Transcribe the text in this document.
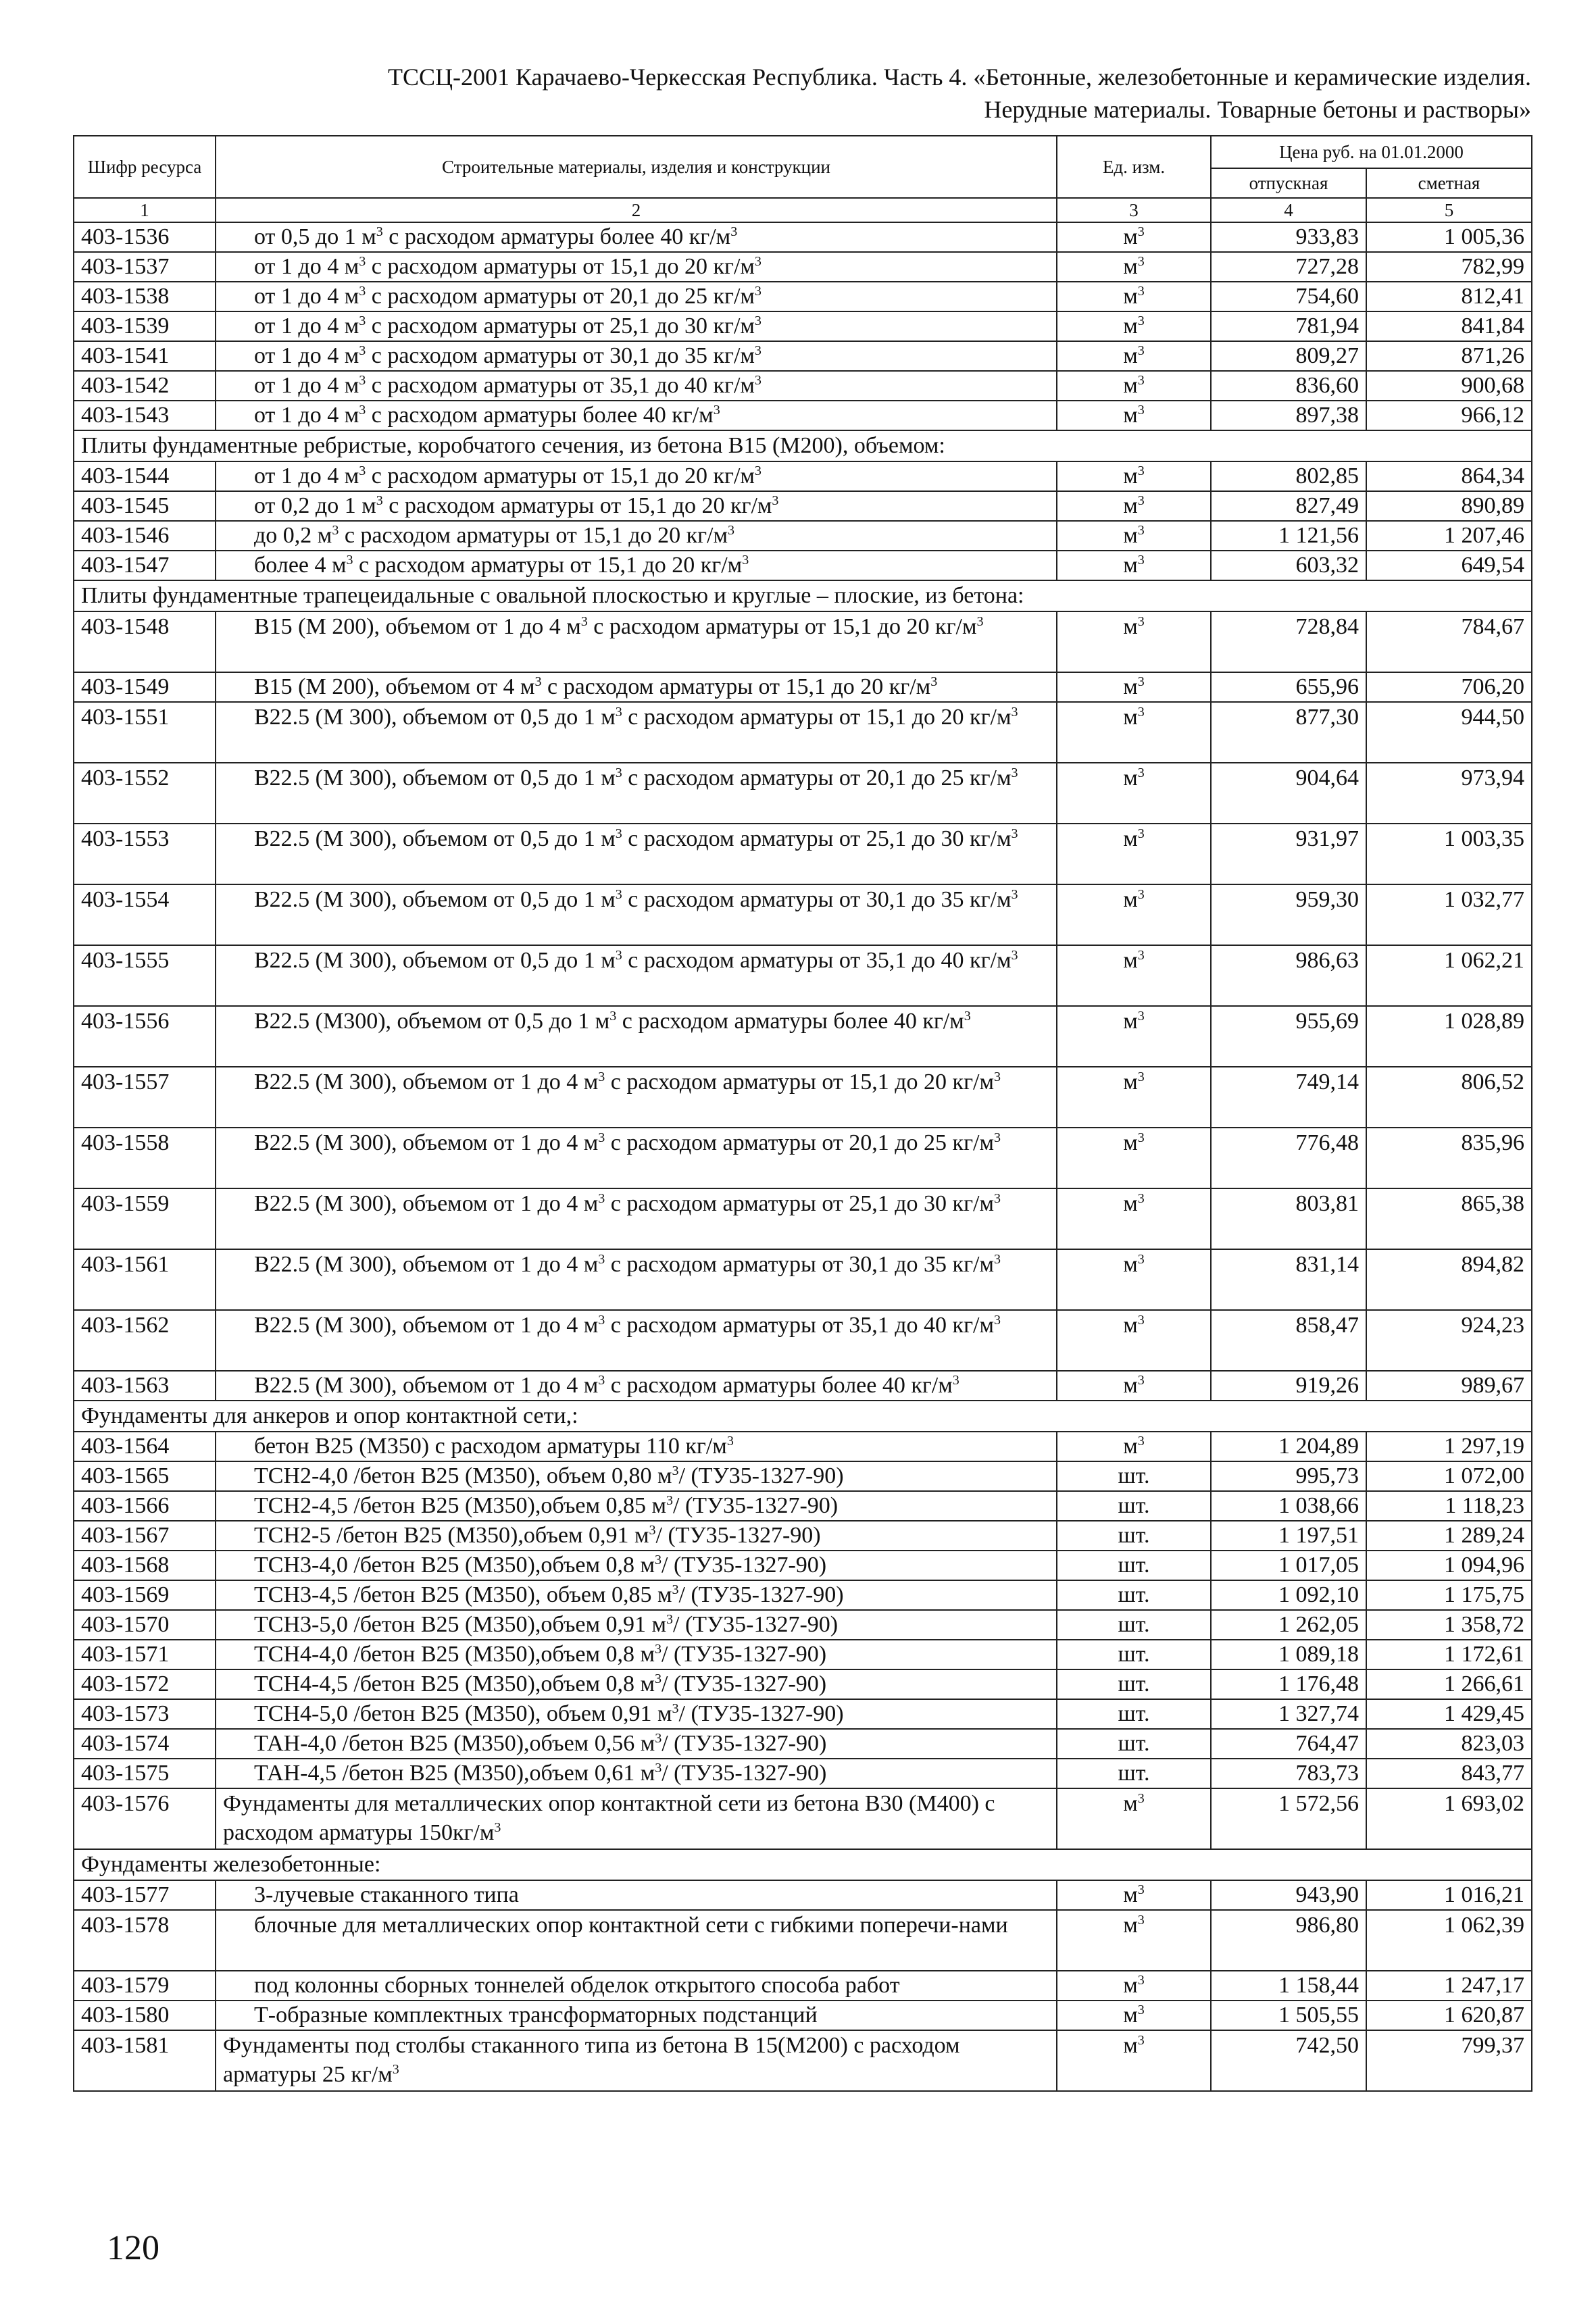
ТССЦ-2001 Карачаево-Черкесская Республика. Часть 4. «Бетонные, железобетонные и керамические изделия.
Нерудные материалы. Товарные бетоны и растворы»
Шифр ресурса	Строительные материалы, изделия и конструкции	Ед. изм.	Цена руб. на 01.01.2000	
			отпускная	сметная
1	2	3	4	5
403-1536	от 0,5 до 1 $м^3$ с расходом арматуры более 40 $кг/м^3$	$м^3$	933,83	1 005,36
403-1537	от 1 до 4 $м^3$ с расходом арматуры от 15,1 до 20 $кг/м^3$	$м^3$	727,28	782,99
403-1538	от 1 до 4 $м^3$ с расходом арматуры от 20,1 до 25 $кг/м^3$	$м^3$	754,60	812,41
403-1539	от 1 до 4 $м^3$ с расходом арматуры от 25,1 до 30 $кг/м^3$	$м^3$	781,94	841,84
403-1541	от 1 до 4 $м^3$ с расходом арматуры от 30,1 до 35 $кг/м^3$	$м^3$	809,27	871,26
403-1542	от 1 до 4 $м^3$ с расходом арматуры от 35,1 до 40 $кг/м^3$	$м^3$	836,60	900,68
403-1543	от 1 до 4 $м^3$ с расходом арматуры более 40 $кг/м^3$	$м^3$	897,38	966,12
Плиты фундаментные ребристые, коробчатого сечения, из бетона B15 (М200), объемом:				
403-1544	от 1 до 4 $м^3$ с расходом арматуры от 15,1 до 20 $кг/м^3$	$м^3$	802,85	864,34
403-1545	от 0,2 до 1 $м^3$ с расходом арматуры от 15,1 до 20 $кг/м^3$	$м^3$	827,49	890,89
403-1546	до 0,2 $м^3$ с расходом арматуры от 15,1 до 20 $кг/м^3$	$м^3$	1 121,56	1 207,46
403-1547	более 4 $м^3$ с расходом арматуры от 15,1 до 20 $кг/м^3$	$м^3$	603,32	649,54
Плиты фундаментные трапецеидальные с овальной плоскостью и круглые – плоские, из бетона:				
403-1548	B15 (М 200), объемом от 1 до 4 $м^3$ с расходом арматуры от 15,1 до 20 $кг/м^3$	$м^3$	728,84	784,67
403-1549	B15 (М 200), объемом от 4 $м^3$ с расходом арматуры от 15,1 до 20 $кг/м^3$	$м^3$	655,96	706,20
403-1551	B22.5 (М 300), объемом от 0,5 до 1 $м^3$ с расходом арматуры от 15,1 до 20 $кг/м^3$	$м^3$	877,30	944,50
403-1552	B22.5 (М 300), объемом от 0,5 до 1 $м^3$ с расходом арматуры от 20,1 до 25 $кг/м^3$	$м^3$	904,64	973,94
403-1553	B22.5 (М 300), объемом от 0,5 до 1 $м^3$ с расходом арматуры от 25,1 до 30 $кг/м^3$	$м^3$	931,97	1 003,35
403-1554	B22.5 (М 300), объемом от 0,5 до 1 $м^3$ с расходом арматуры от 30,1 до 35 $кг/м^3$	$м^3$	959,30	1 032,77
403-1555	B22.5 (М 300), объемом от 0,5 до 1 $м^3$ с расходом арматуры от 35,1 до 40 $кг/м^3$	$м^3$	986,63	1 062,21
403-1556	B22.5 (М300), объемом от 0,5 до 1 $м^3$ с расходом арматуры более 40 $кг/м^3$	$м^3$	955,69	1 028,89
403-1557	B22.5 (М 300), объемом от 1 до 4 $м^3$ с расходом арматуры от 15,1 до 20 $кг/м^3$	$м^3$	749,14	806,52
403-1558	B22.5 (М 300), объемом от 1 до 4 $м^3$ с расходом арматуры от 20,1 до 25 $кг/м^3$	$м^3$	776,48	835,96
403-1559	B22.5 (М 300), объемом от 1 до 4 $м^3$ с расходом арматуры от 25,1 до 30 $кг/м^3$	$м^3$	803,81	865,38
403-1561	B22.5 (М 300), объемом от 1 до 4 $м^3$ с расходом арматуры от 30,1 до 35 $кг/м^3$	$м^3$	831,14	894,82
403-1562	B22.5 (М 300), объемом от 1 до 4 $м^3$ с расходом арматуры от 35,1 до 40 $кг/м^3$	$м^3$	858,47	924,23
403-1563	B22.5 (М 300), объемом от 1 до 4 $м^3$ с расходом арматуры более 40 $кг/м^3$	$м^3$	919,26	989,67
Фундаменты для анкеров и опор контактной сети,:				
403-1564	бетон B25 (М350) с расходом арматуры 110 $кг/м^3$	$м^3$	1 204,89	1 297,19
403-1565	ТСН2-4,0 /бетон B25 (М350), объем 0,80 $м^3/$ (ТУ35-1327-90)	шт.	995,73	1 072,00
403-1566	ТСН2-4,5 /бетон B25 (М350),объем 0,85 $м^3/$ (ТУ35-1327-90)	шт.	1 038,66	1 118,23
403-1567	ТСН2-5 /бетон B25 (М350),объем 0,91 $м^3/$ (ТУ35-1327-90)	шт.	1 197,51	1 289,24
403-1568	ТСН3-4,0 /бетон B25 (М350),объем 0,8 $м^3/$ (ТУ35-1327-90)	шт.	1 017,05	1 094,96
403-1569	ТСН3-4,5 /бетон B25 (М350), объем 0,85 $м^3/$ (ТУ35-1327-90)	шт.	1 092,10	1 175,75
403-1570	ТСН3-5,0 /бетон B25 (М350),объем 0,91 $м^3/$ (ТУ35-1327-90)	шт.	1 262,05	1 358,72
403-1571	ТСН4-4,0 /бетон B25 (М350),объем 0,8 $м^3/$ (ТУ35-1327-90)	шт.	1 089,18	1 172,61
403-1572	ТСН4-4,5 /бетон B25 (М350),объем 0,8 $м^3/$ (ТУ35-1327-90)	шт.	1 176,48	1 266,61
403-1573	ТСН4-5,0 /бетон B25 (М350), объем 0,91 $м^3/$ (ТУ35-1327-90)	шт.	1 327,74	1 429,45
403-1574	ТАН-4,0 /бетон B25 (М350),объем 0,56 $м^3/$ (ТУ35-1327-90)	шт.	764,47	823,03
403-1575	ТАН-4,5 /бетон B25 (М350),объем 0,61 $м^3/$ (ТУ35-1327-90)	шт.	783,73	843,77
403-1576	Фундаменты для металлических опор контактной сети из бетона B30 (М400) с расходом арматуры $150кг/м^3$	$м^3$	1 572,56	1 693,02
Фундаменты железобетонные:				
403-1577	3-лучевые стаканного типа	$м^3$	943,90	1 016,21
403-1578	блочные для металлических опор контактной сети с гибкими поперечи-нами	$м^3$	986,80	1 062,39
403-1579	под колонны сборных тоннелей обделок открытого способа работ	$м^3$	1 158,44	1 247,17
403-1580	Т-образные комплектных трансформаторных подстанций	$м^3$	1 505,55	1 620,87
403-1581	Фундаменты под столбы стаканного типа из бетона B 15(М200) с расходом арматуры 25 $кг/м^3$	$м^3$	742,50	799,37
120
